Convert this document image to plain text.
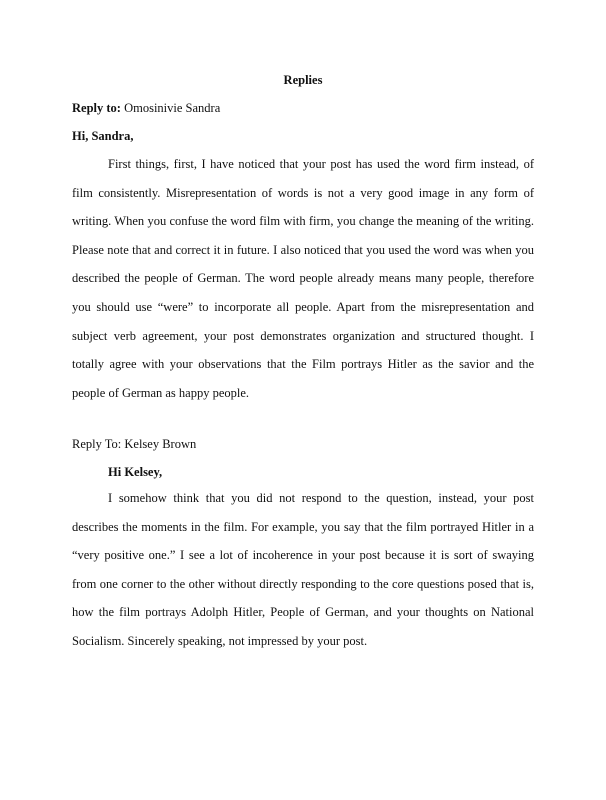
Replies
Reply to: Omosinivie Sandra
Hi, Sandra,

First things, first, I have noticed that your post has used the word firm instead, of film consistently. Misrepresentation of words is not a very good image in any form of writing. When you confuse the word film with firm, you change the meaning of the writing. Please note that and correct it in future. I also noticed that you used the word was when you described the people of German. The word people already means many people, therefore you should use “were” to incorporate all people. Apart from the misrepresentation and subject verb agreement, your post demonstrates organization and structured thought. I totally agree with your observations that the Film portrays Hitler as the savior and the people of German as happy people.

Reply To: Kelsey Brown
Hi Kelsey,

I somehow think that you did not respond to the question, instead, your post describes the moments in the film. For example, you say that the film portrayed Hitler in a “very positive one.” I see a lot of incoherence in your post because it is sort of swaying from one corner to the other without directly responding to the core questions posed that is, how the film portrays Adolph Hitler, People of German, and your thoughts on National Socialism. Sincerely speaking, not impressed by your post.
